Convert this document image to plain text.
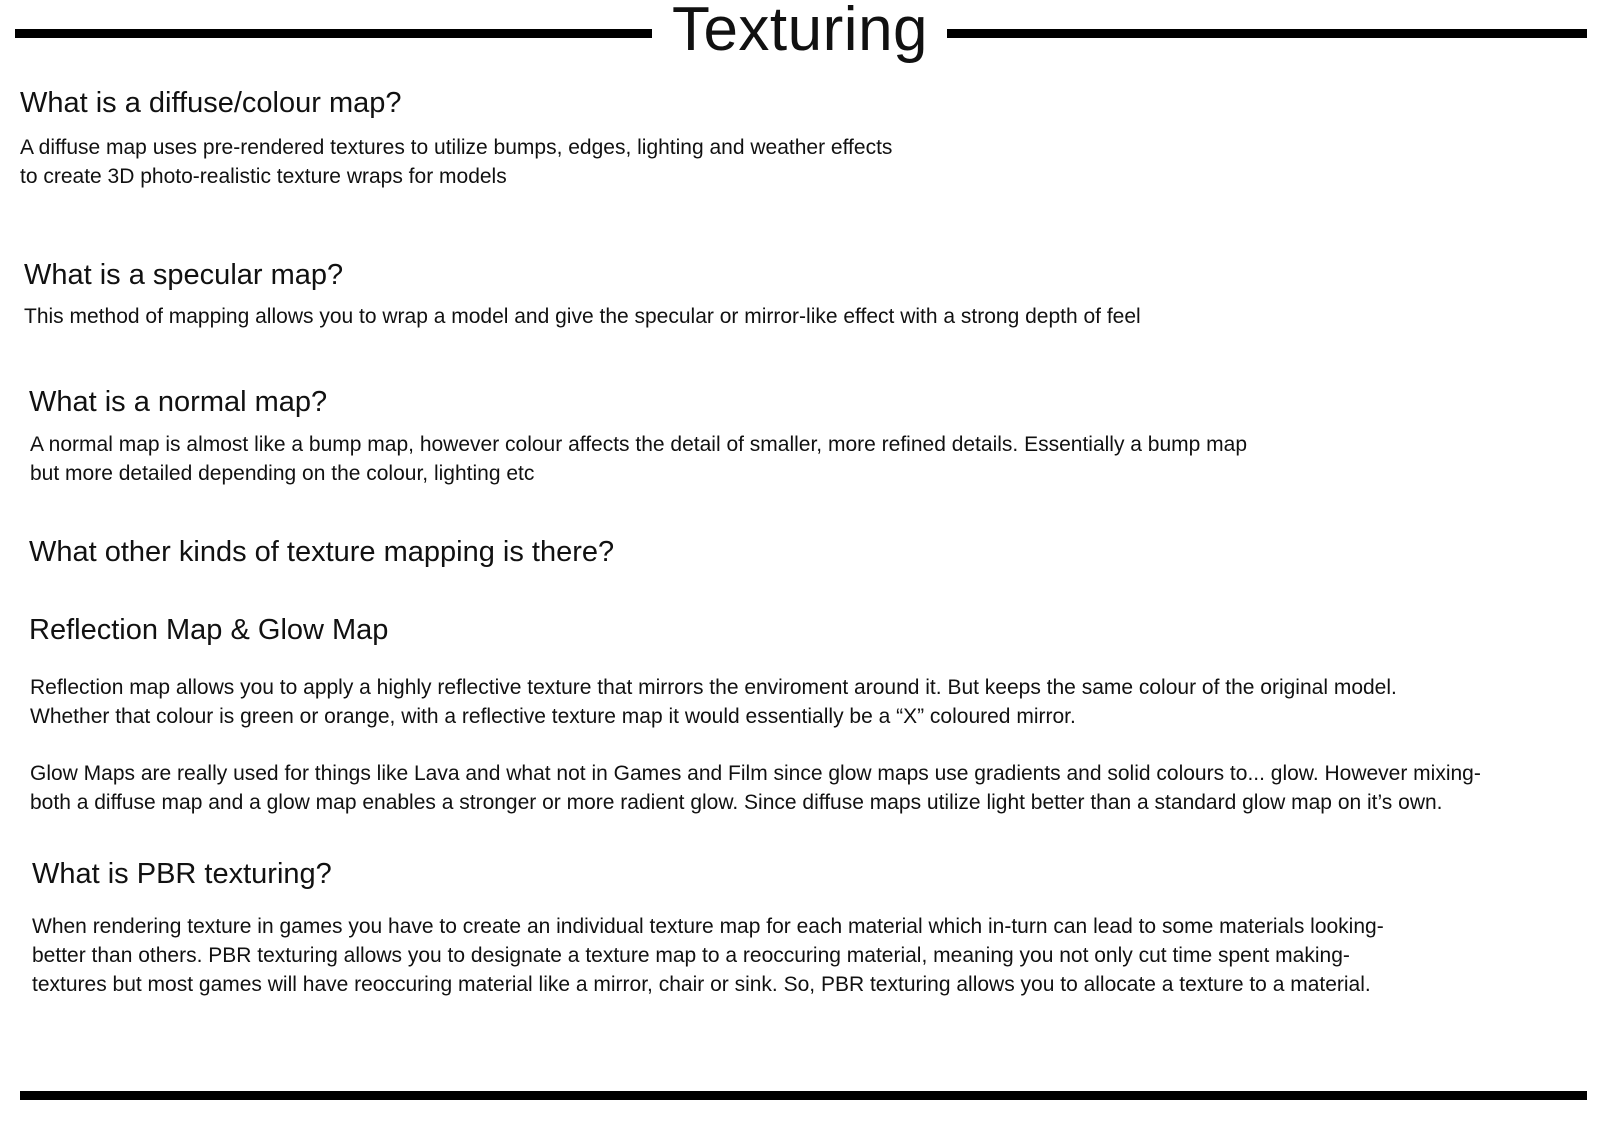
Texturing
What is a diffuse/colour map?

A diffuse map uses pre-rendered textures to utilize bumps, edges, lighting and weather effects
to create 3D photo-realistic texture wraps for models

What is a specular map?

This method of mapping allows you to wrap a model and give the specular or mirror-like effect with a strong depth of feel

What is a normal map?

A normal map is almost like a bump map, however colour affects the detail of smaller, more refined details. Essentially a bump map
but more detailed depending on the colour, lighting etc

What other kinds of texture mapping is there?
Reflection Map & Glow Map

Reflection map allows you to apply a highly reflective texture that mirrors the enviroment around it. But keeps the same colour of the original model.
Whether that colour is green or orange, with a reflective texture map it would essentially be a “X” coloured mirror.

Glow Maps are really used for things like Lava and what not in Games and Film since glow maps use gradients and solid colours to... glow. However mixing-
both a diffuse map and a glow map enables a stronger or more radient glow. Since diffuse maps utilize light better than a standard glow map on it’s own.

What is PBR texturing?

When rendering texture in games you have to create an individual texture map for each material which in-turn can lead to some materials looking-
better than others. PBR texturing allows you to designate a texture map to a reoccuring material, meaning you not only cut time spent making-
textures but most games will have reoccuring material like a mirror, chair or sink. So, PBR texturing allows you to allocate a texture to a material.
